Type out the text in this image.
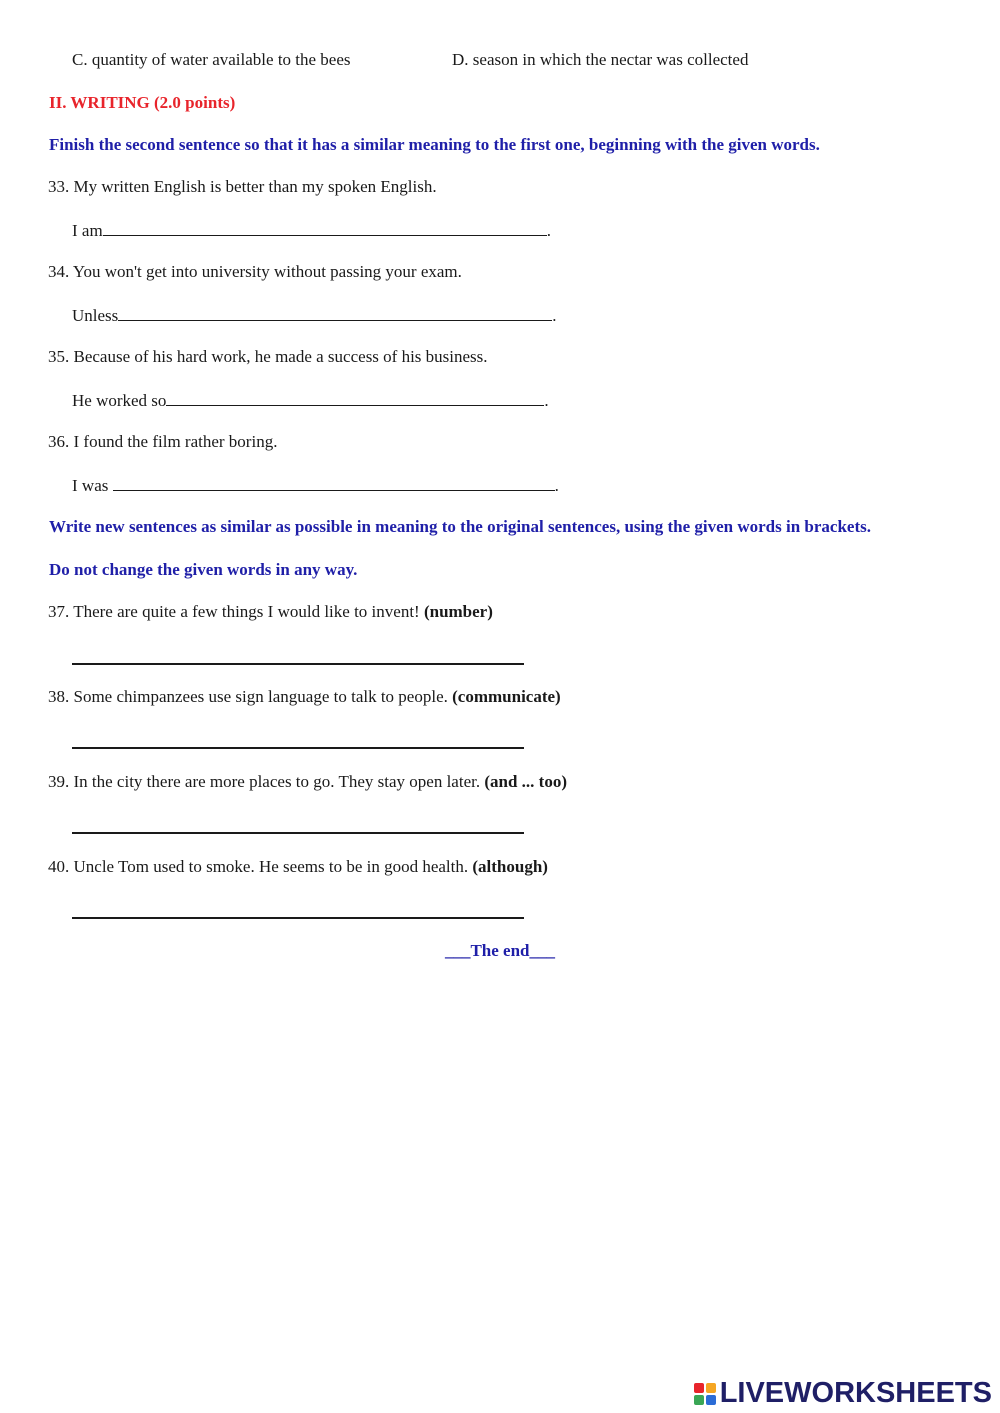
C. quantity of water available to the bees	D. season in which the nectar was collected
II. WRITING (2.0 points)
Finish the second sentence so that it has a similar meaning to the first one, beginning with the given words.
33. My written English is better than my spoken English.
I am	.
34. You won't get into university without passing your exam.
Unless	.
35. Because of his hard work, he made a success of his business.
He worked so	.
36. I found the film rather boring.
I was	.
Write new sentences as similar as possible in meaning to the original sentences, using the given words in brackets.
Do not change the given words in any way.
37. There are quite a few things I would like to invent! (number)
38. Some chimpanzees use sign language to talk to people. (communicate)
39. In the city there are more places to go. They stay open later. (and ... too)
40. Uncle Tom used to smoke. He seems to be in good health. (although)
___The end___
LIVEWORKSHEETS
